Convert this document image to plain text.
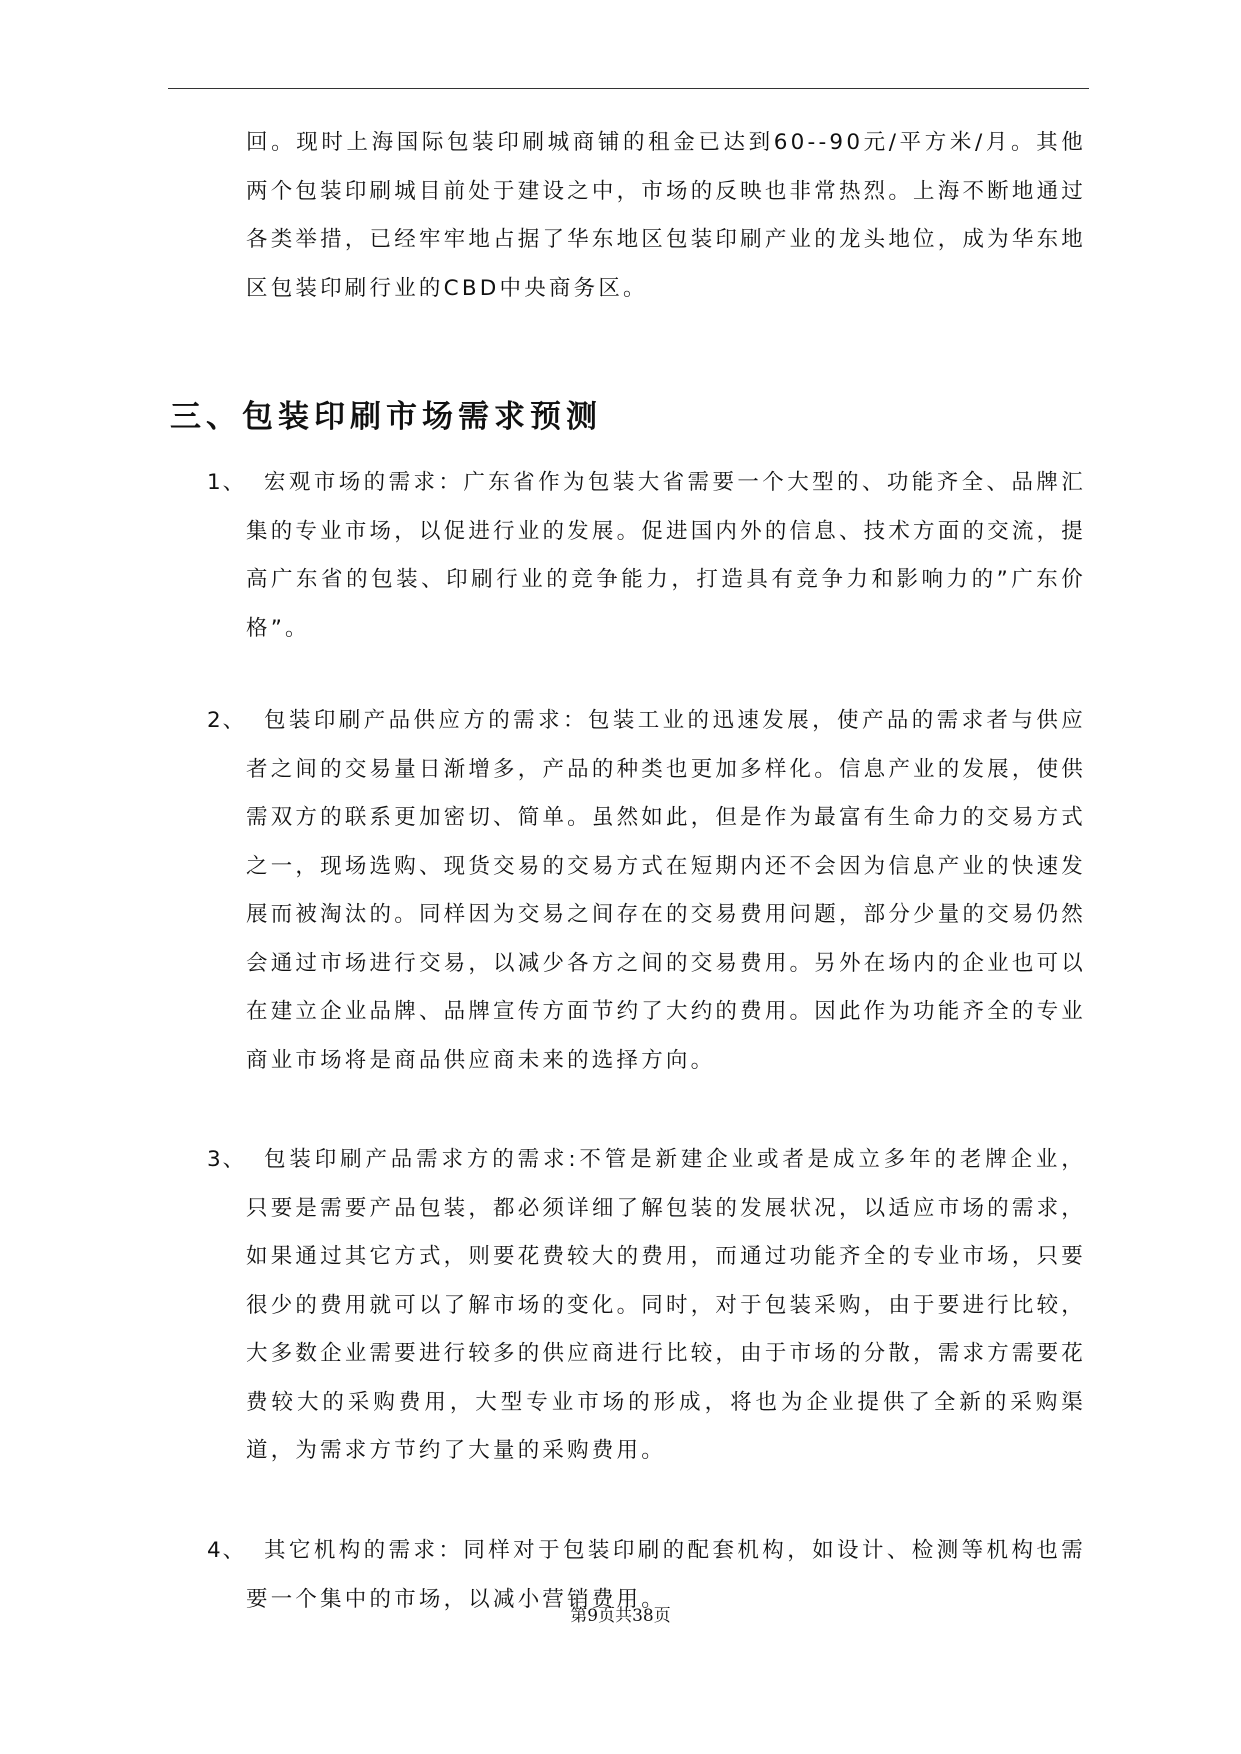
回。现时上海国际包装印刷城商铺的租金已达到60--90元/平方米/月。其他两个包装印刷城目前处于建设之中，市场的反映也非常热烈。上海不断地通过各类举措，已经牢牢地占据了华东地区包装印刷产业的龙头地位，成为华东地区包装印刷行业的CBD中央商务区。

三、包装印刷市场需求预测
1、 宏观市场的需求：广东省作为包装大省需要一个大型的、功能齐全、品牌汇集的专业市场，以促进行业的发展。促进国内外的信息、技术方面的交流，提高广东省的包装、印刷行业的竞争能力，打造具有竞争力和影响力的”广东价格”。

2、 包装印刷产品供应方的需求：包装工业的迅速发展，使产品的需求者与供应者之间的交易量日渐增多，产品的种类也更加多样化。信息产业的发展，使供需双方的联系更加密切、简单。虽然如此，但是作为最富有生命力的交易方式之一，现场选购、现货交易的交易方式在短期内还不会因为信息产业的快速发展而被淘汰的。同样因为交易之间存在的交易费用问题，部分少量的交易仍然会通过市场进行交易，以减少各方之间的交易费用。另外在场内的企业也可以在建立企业品牌、品牌宣传方面节约了大约的费用。因此作为功能齐全的专业商业市场将是商品供应商未来的选择方向。

3、 包装印刷产品需求方的需求:不管是新建企业或者是成立多年的老牌企业，只要是需要产品包装，都必须详细了解包装的发展状况，以适应市场的需求，如果通过其它方式，则要花费较大的费用，而通过功能齐全的专业市场，只要很少的费用就可以了解市场的变化。同时，对于包装采购，由于要进行比较，大多数企业需要进行较多的供应商进行比较，由于市场的分散，需求方需要花费较大的采购费用，大型专业市场的形成，将也为企业提供了全新的采购渠道，为需求方节约了大量的采购费用。

4、 其它机构的需求：同样对于包装印刷的配套机构，如设计、检测等机构也需要一个集中的市场，以减小营销费用。

第9页共38页
